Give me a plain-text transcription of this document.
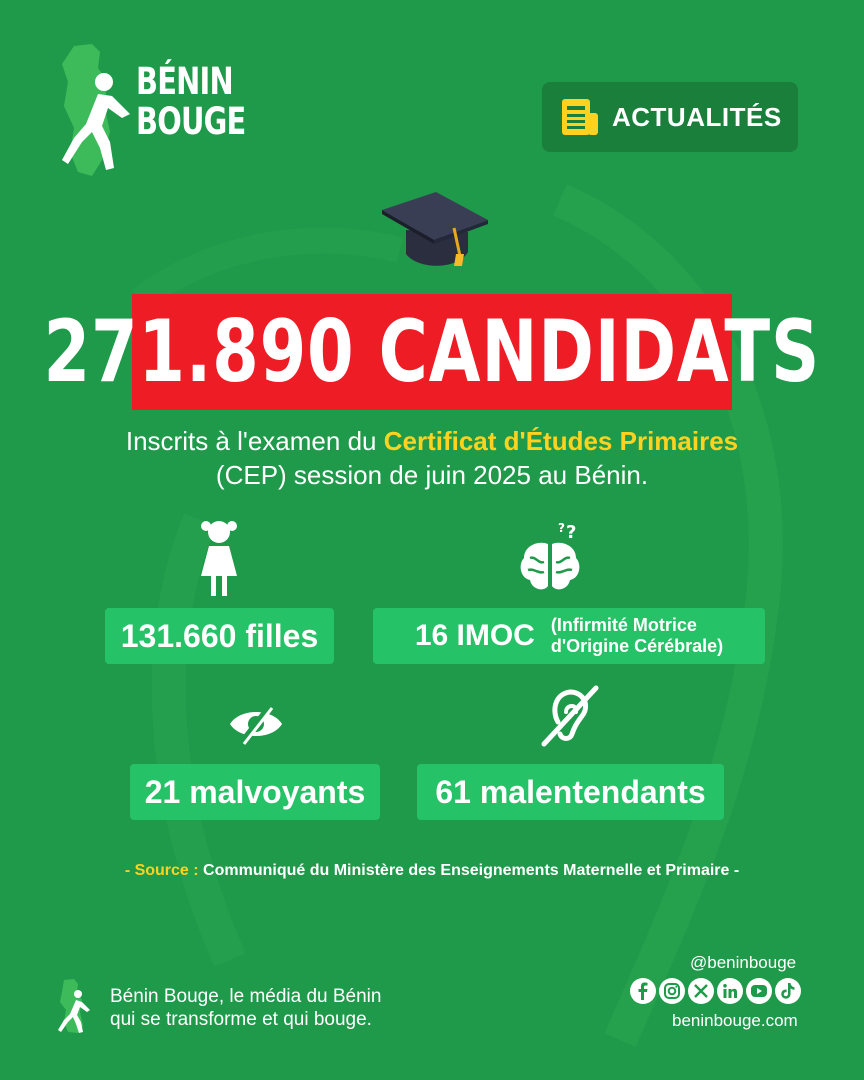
BÉNIN
BOUGE	ACTUALITÉS
271.890 CANDIDATS
Inscrits à l'examen du Certificat d'Études Primaires
(CEP) session de juin 2025 au Bénin.
? ?
131.660 filles	16 IMOC (Infirmité Motrice
d'Origine Cérébrale)
21 malvoyants 61 malentendants
- Source : Communiqué du Ministère des Enseignements Maternelle et Primaire -
Bénin Bouge, le média du Bénin
qui se transforme et qui bouge.
@beninbouge
beninbouge.com
